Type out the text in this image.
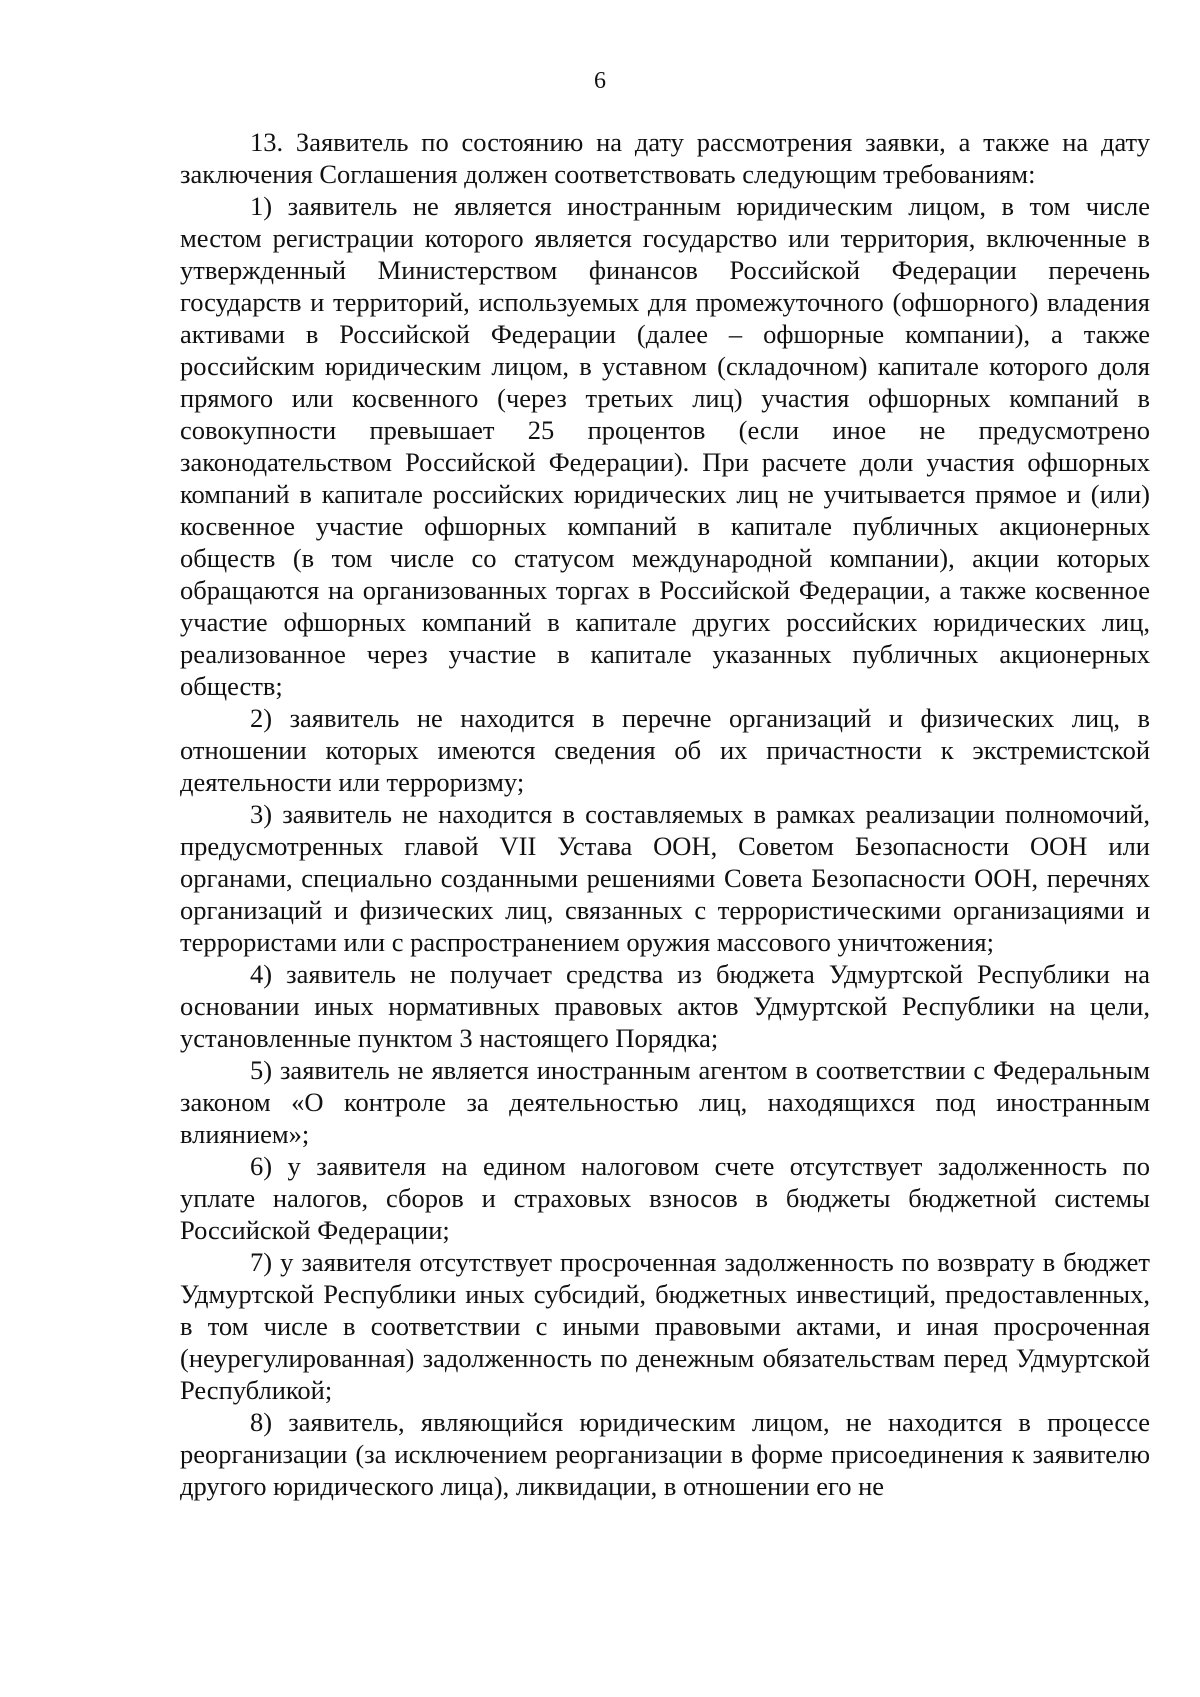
6

13. Заявитель по состоянию на дату рассмотрения заявки, а также на дату заключения Соглашения должен соответствовать следующим требованиям:

1) заявитель не является иностранным юридическим лицом, в том числе местом регистрации которого является государство или территория, включенные в утвержденный Министерством финансов Российской Федерации перечень государств и территорий, используемых для промежуточного (офшорного) владения активами в Российской Федерации (далее – офшорные компании), а также российским юридическим лицом, в уставном (складочном) капитале которого доля прямого или косвенного (через третьих лиц) участия офшорных компаний в совокупности превышает 25 процентов (если иное не предусмотрено законодательством Российской Федерации). При расчете доли участия офшорных компаний в капитале российских юридических лиц не учитывается прямое и (или) косвенное участие офшорных компаний в капитале публичных акционерных обществ (в том числе со статусом международной компании), акции которых обращаются на организованных торгах в Российской Федерации, а также косвенное участие офшорных компаний в капитале других российских юридических лиц, реализованное через участие в капитале указанных публичных акционерных обществ;

2) заявитель не находится в перечне организаций и физических лиц, в отношении которых имеются сведения об их причастности к экстремистской деятельности или терроризму;

3) заявитель не находится в составляемых в рамках реализации полномочий, предусмотренных главой VII Устава ООН, Советом Безопасности ООН или органами, специально созданными решениями Совета Безопасности ООН, перечнях организаций и физических лиц, связанных с террористическими организациями и террористами или с распространением оружия массового уничтожения;

4) заявитель не получает средства из бюджета Удмуртской Республики на основании иных нормативных правовых актов Удмуртской Республики на цели, установленные пунктом 3 настоящего Порядка;

5) заявитель не является иностранным агентом в соответствии с Федеральным законом «О контроле за деятельностью лиц, находящихся под иностранным влиянием»;

6) у заявителя на едином налоговом счете отсутствует задолженность по уплате налогов, сборов и страховых взносов в бюджеты бюджетной системы Российской Федерации;

7) у заявителя отсутствует просроченная задолженность по возврату в бюджет Удмуртской Республики иных субсидий, бюджетных инвестиций, предоставленных, в том числе в соответствии с иными правовыми актами, и иная просроченная (неурегулированная) задолженность по денежным обязательствам перед Удмуртской Республикой;

8) заявитель, являющийся юридическим лицом, не находится в процессе реорганизации (за исключением реорганизации в форме присоединения к заявителю другого юридического лица), ликвидации, в отношении его не
